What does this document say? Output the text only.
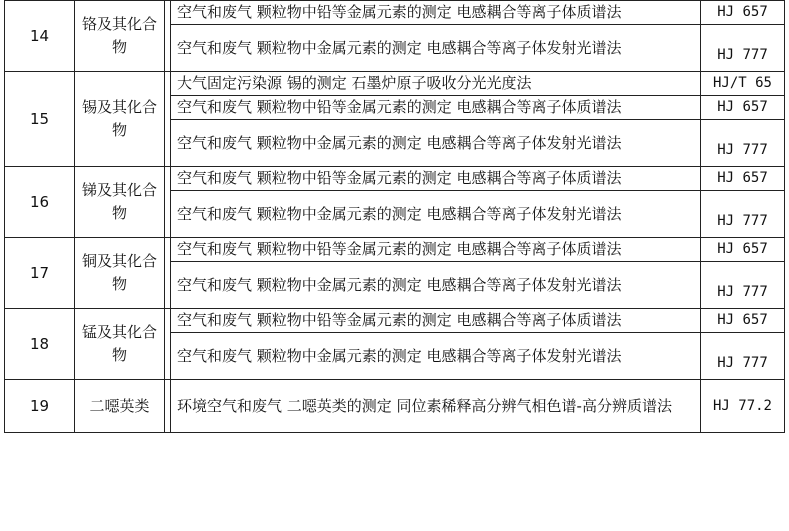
14	铬及其化合物		空气和废气 颗粒物中铅等金属元素的测定 电感耦合等离子体质谱法	HJ 657
			空气和废气 颗粒物中金属元素的测定 电感耦合等离子体发射光谱法	HJ 777
15	锡及其化合物		大气固定污染源 锡的测定 石墨炉原子吸收分光光度法	HJ/T 65
			空气和废气 颗粒物中铅等金属元素的测定 电感耦合等离子体质谱法	HJ 657
			空气和废气 颗粒物中金属元素的测定 电感耦合等离子体发射光谱法	HJ 777
16	锑及其化合物		空气和废气 颗粒物中铅等金属元素的测定 电感耦合等离子体质谱法	HJ 657
			空气和废气 颗粒物中金属元素的测定 电感耦合等离子体发射光谱法	HJ 777
17	铜及其化合物		空气和废气 颗粒物中铅等金属元素的测定 电感耦合等离子体质谱法	HJ 657
			空气和废气 颗粒物中金属元素的测定 电感耦合等离子体发射光谱法	HJ 777
18	锰及其化合物		空气和废气 颗粒物中铅等金属元素的测定 电感耦合等离子体质谱法	HJ 657
			空气和废气 颗粒物中金属元素的测定 电感耦合等离子体发射光谱法	HJ 777
19	二噁英类		环境空气和废气 二噁英类的测定 同位素稀释高分辨气相色谱-高分辨质谱法	HJ 77.2
